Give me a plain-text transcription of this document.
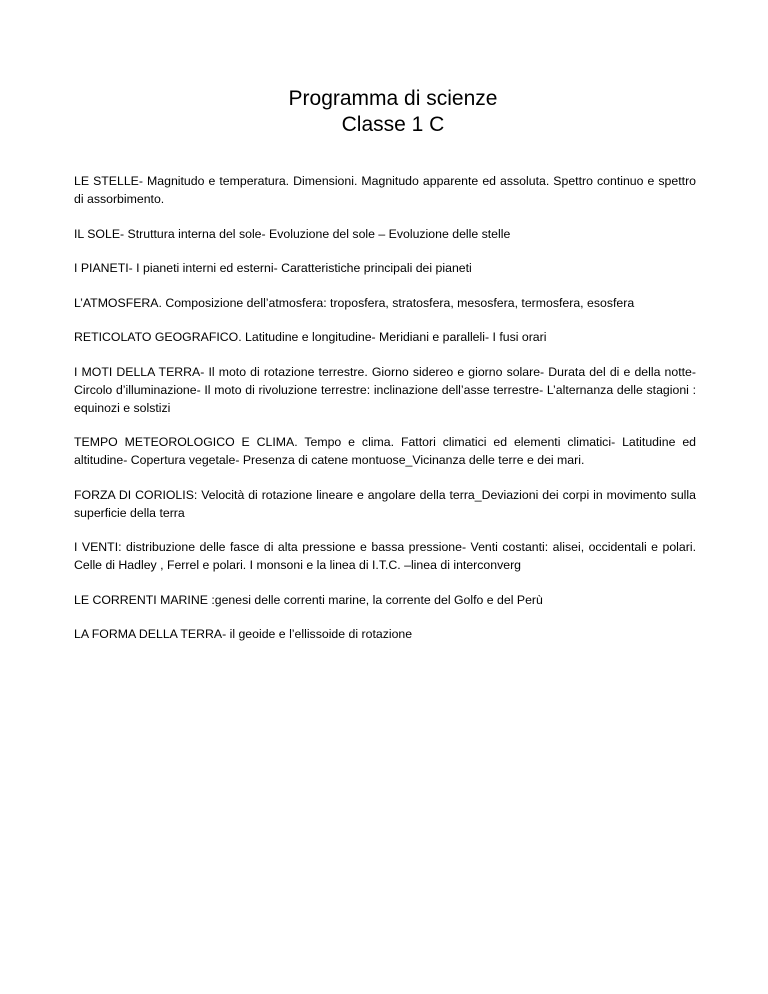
Programma di scienze
Classe 1 C

LE STELLE- Magnitudo e temperatura. Dimensioni. Magnitudo apparente ed assoluta. Spettro continuo e spettro di assorbimento.

IL SOLE- Struttura interna del sole- Evoluzione del sole – Evoluzione delle stelle

I PIANETI- I pianeti interni ed esterni- Caratteristiche principali dei pianeti

L’ATMOSFERA. Composizione dell’atmosfera: troposfera, stratosfera, mesosfera, termosfera, esosfera

RETICOLATO GEOGRAFICO. Latitudine e longitudine- Meridiani e paralleli- I fusi orari

I MOTI DELLA TERRA- Il moto di rotazione terrestre. Giorno sidereo e giorno solare- Durata del di e della notte- Circolo d’illuminazione- Il moto di rivoluzione terrestre: inclinazione dell’asse terrestre- L’alternanza delle stagioni : equinozi e solstizi

TEMPO METEOROLOGICO E CLIMA. Tempo e clima. Fattori climatici ed elementi climatici- Latitudine ed altitudine- Copertura vegetale- Presenza di catene montuose_Vicinanza delle terre e dei mari.

FORZA DI CORIOLIS: Velocità di rotazione lineare e angolare della terra_Deviazioni dei corpi in movimento sulla superficie della terra

I VENTI: distribuzione delle fasce di alta pressione e bassa pressione- Venti costanti: alisei, occidentali e polari. Celle di Hadley , Ferrel e polari. I monsoni e la linea di I.T.C. –linea di interconverg

LE CORRENTI MARINE :genesi delle correnti marine, la corrente del Golfo e del Perù

LA FORMA DELLA TERRA- il geoide e l’ellissoide di rotazione
